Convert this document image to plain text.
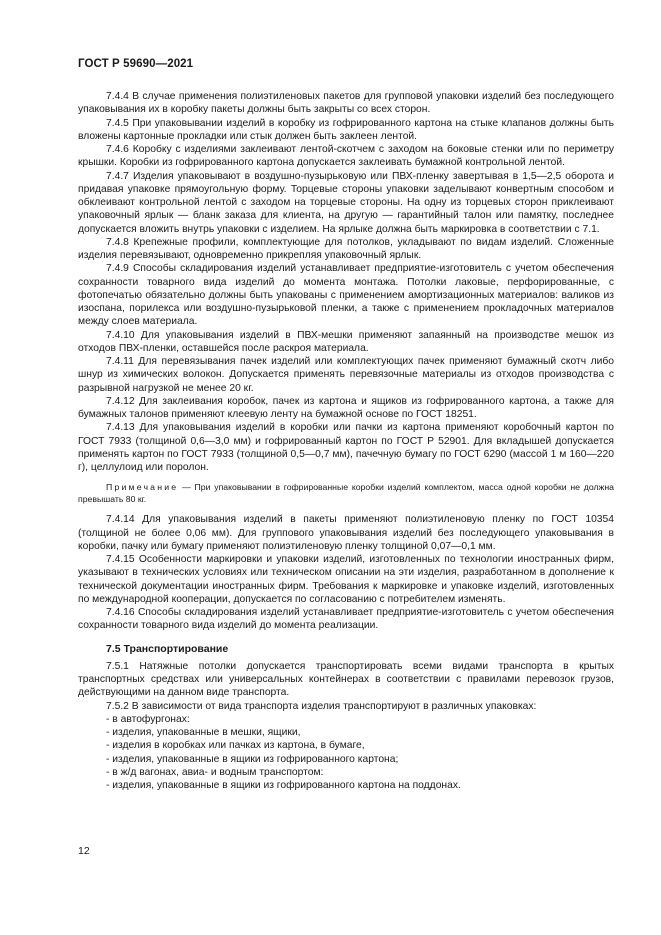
ГОСТ Р 59690—2021

7.4.4 В случае применения полиэтиленовых пакетов для групповой упаковки изделий без последующего упаковывания их в коробку пакеты должны быть закрыты со всех сторон.

7.4.5 При упаковывании изделий в коробку из гофрированного картона на стыке клапанов должны быть вложены картонные прокладки или стык должен быть заклеен лентой.

7.4.6 Коробку с изделиями заклеивают лентой-скотчем с заходом на боковые стенки или по периметру крышки. Коробки из гофрированного картона допускается заклеивать бумажной контрольной лентой.

7.4.7 Изделия упаковывают в воздушно-пузырьковую или ПВХ-пленку завертывая в 1,5—2,5 оборота и придавая упаковке прямоугольную форму. Торцевые стороны упаковки заделывают конвертным способом и обклеивают контрольной лентой с заходом на торцевые стороны. На одну из торцевых сторон приклеивают упаковочный ярлык — бланк заказа для клиента, на другую — гарантийный талон или памятку, последнее допускается вложить внутрь упаковки с изделием. На ярлыке должна быть маркировка в соответствии с 7.1.

7.4.8 Крепежные профили, комплектующие для потолков, укладывают по видам изделий. Сложенные изделия перевязывают, одновременно прикрепляя упаковочный ярлык.

7.4.9 Способы складирования изделий устанавливает предприятие-изготовитель с учетом обеспечения сохранности товарного вида изделий до момента монтажа. Потолки лаковые, перфорированные, с фотопечатью обязательно должны быть упакованы с применением амортизационных материалов: валиков из изоспана, порилекса или воздушно-пузырьковой пленки, а также с применением прокладочных материалов между слоев материала.

7.4.10 Для упаковывания изделий в ПВХ-мешки применяют запаянный на производстве мешок из отходов ПВХ-пленки, оставшейся после раскроя материала.

7.4.11 Для перевязывания пачек изделий или комплектующих пачек применяют бумажный скотч либо шнур из химических волокон. Допускается применять перевязочные материалы из отходов производства с разрывной нагрузкой не менее 20 кг.

7.4.12 Для заклеивания коробок, пачек из картона и ящиков из гофрированного картона, а также для бумажных талонов применяют клеевую ленту на бумажной основе по ГОСТ 18251.

7.4.13 Для упаковывания изделий в коробки или пачки из картона применяют коробочный картон по ГОСТ 7933 (толщиной 0,6—3,0 мм) и гофрированный картон по ГОСТ Р 52901. Для вкладышей допускается применять картон по ГОСТ 7933 (толщиной 0,5—0,7 мм), пачечную бумагу по ГОСТ 6290 (массой 1 м 160—220 г), целлулоид или поролон.

Примечание — При упаковывании в гофрированные коробки изделий комплектом, масса одной коробки не должна превышать 80 кг.

7.4.14 Для упаковывания изделий в пакеты применяют полиэтиленовую пленку по ГОСТ 10354 (толщиной не более 0,06 мм). Для группового упаковывания изделий без последующего упаковывания в коробки, пачку или бумагу применяют полиэтиленовую пленку толщиной 0,07—0,1 мм.

7.4.15 Особенности маркировки и упаковки изделий, изготовленных по технологии иностранных фирм, указывают в технических условиях или техническом описании на эти изделия, разработанном в дополнение к технической документации иностранных фирм. Требования к маркировке и упаковке изделий, изготовленных по международной кооперации, допускается по согласованию с потребителем изменять.

7.4.16 Способы складирования изделий устанавливает предприятие-изготовитель с учетом обеспечения сохранности товарного вида изделий до момента реализации.

7.5 Транспортирование

7.5.1 Натяжные потолки допускается транспортировать всеми видами транспорта в крытых транспортных средствах или универсальных контейнерах в соответствии с правилами перевозок грузов, действующими на данном виде транспорта.

7.5.2 В зависимости от вида транспорта изделия транспортируют в различных упаковках:

- в автофургонах:
- изделия, упакованные в мешки, ящики,
- изделия в коробках или пачках из картона, в бумаге,
- изделия, упакованные в ящики из гофрированного картона;
- в ж/д вагонах, авиа- и водным транспортом:
- изделия, упакованные в ящики из гофрированного картона на поддонах.
12
